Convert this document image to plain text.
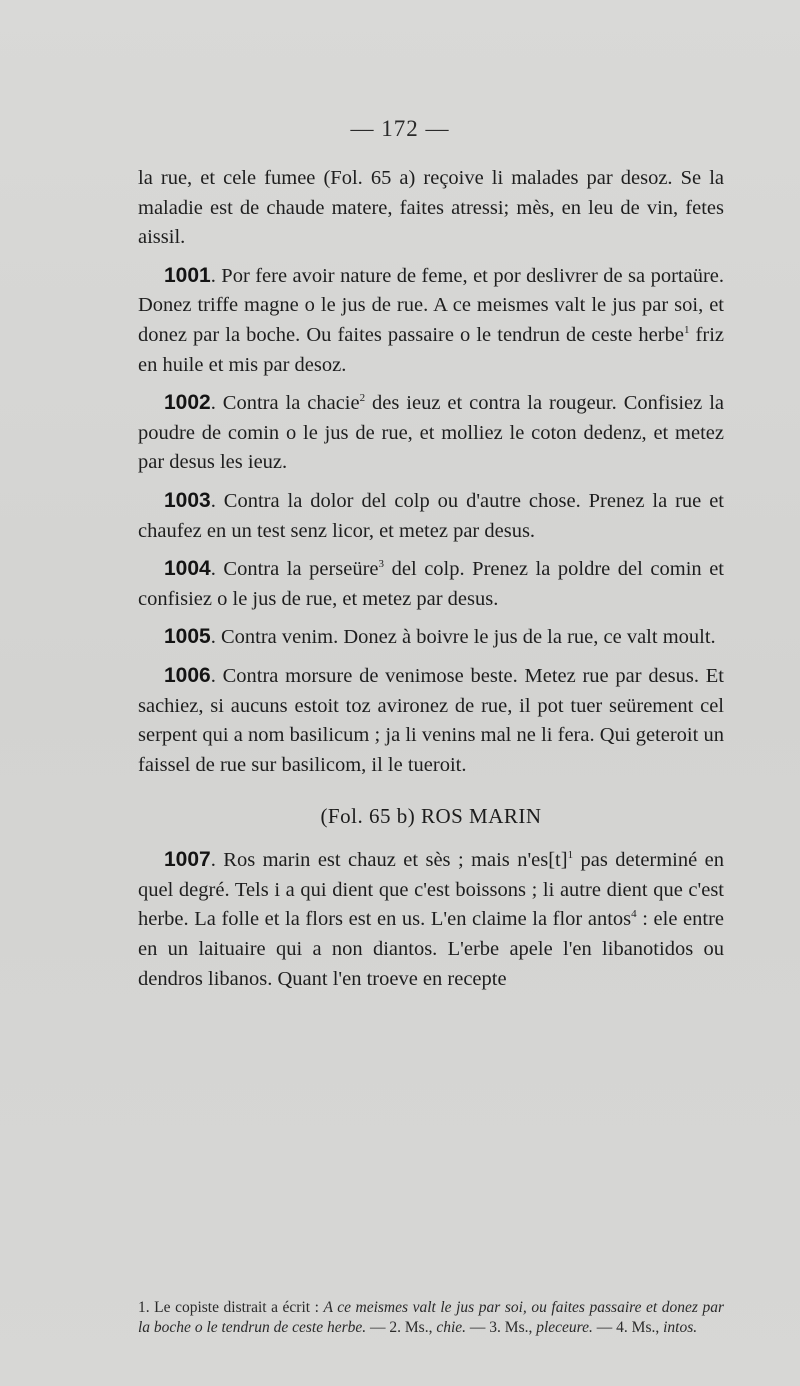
— 172 —

la rue, et cele fumee (Fol. 65 a) reçoive li malades par desoz. Se la maladie est de chaude matere, faites atressi; mès, en leu de vin, fetes aissil.

1001. Por fere avoir nature de feme, et por deslivrer de sa portaüre. Donez triffe magne o le jus de rue. A ce meismes valt le jus par soi, et donez par la boche. Ou faites passaire o le tendrun de ceste herbe$^1$ friz en huile et mis par desoz.

1002. Contra la chacie$^2$ des ieuz et contra la rougeur. Confisiez la poudre de comin o le jus de rue, et molliez le coton dedenz, et metez par desus les ieuz.

1003. Contra la dolor del colp ou d'autre chose. Prenez la rue et chaufez en un test senz licor, et metez par desus.

1004. Contra la perseüre$^3$ del colp. Prenez la poldre del comin et confisiez o le jus de rue, et metez par desus.

1005. Contra venim. Donez à boivre le jus de la rue, ce valt moult.

1006. Contra morsure de venimose beste. Metez rue par desus. Et sachiez, si aucuns estoit toz avironez de rue, il pot tuer seürement cel serpent qui a nom basilicum ; ja li venins mal ne li fera. Qui geteroit un faissel de rue sur basilicom, il le tueroit.

(Fol. 65 b) ROS MARIN

1007. Ros marin est chauz et sès ; mais $n'es[t]^1$ pas determiné en quel degré. Tels i a qui dient que c'est boissons ; li autre dient que c'est herbe. La folle et la flors est en us. L'en claime la flor antos$^4$ : ele entre en un laituaire qui a non diantos. L'erbe apele l'en libanotidos ou dendros libanos. Quant l'en troeve en recepte

1. Le copiste distrait a écrit : A ce meismes valt le jus par soi, ou faites passaire et donez par la boche o le tendrun de ceste herbe. — 2. Ms., chie. — 3. Ms., pleceure. — 4. Ms., intos.
